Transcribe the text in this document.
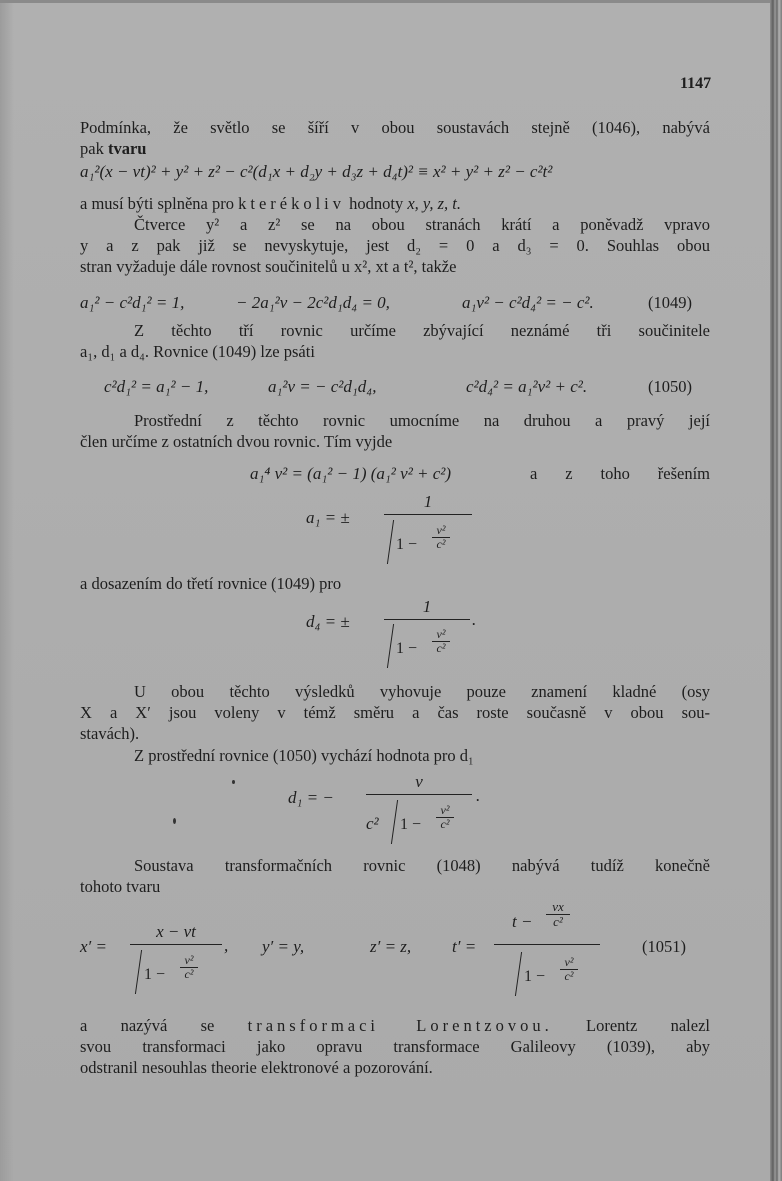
1147
Podmínka, že světlo se šíří v obou soustavách stejně (1046), nabývá
pak tvaru
a₁²(x − vt)² + y² + z² − c²(d₁x + d₂y + d₃z + d₄t)² ≡ x² + y² + z² − c²t²
a musí býti splněna pro kterékoliv hodnoty x, y, z, t.
Čtverce y² a z² se na obou stranách krátí a poněvadž vpravo
y a z pak již se nevyskytuje, jest d₂ = 0 a d₃ = 0. Souhlas obou
stran vyžaduje dále rovnost součinitelů u x², xt a t², takže
a₁² − c²d₁² = 1,	− 2a₁²v − 2c²d₁d₄ = 0,	a₁v² − c²d₄² = − c².	(1049)
Z těchto tří rovnic určíme zbývající neznámé tři součinitele
a₁, d₁ a d₄. Rovnice (1049) lze psáti
c²d₁² = a₁² − 1,	a₁²v = − c²d₁d₄,	c²d₄² = a₁²v² + c².	(1050)
Prostřední z těchto rovnic umocníme na druhou a pravý její
člen určíme z ostatních dvou rovnic. Tím vyjde
a₁⁴ v² = (a₁² − 1) (a₁² v² + c²)	a z toho řešením
a₁ = ±
1
$1 - \frac{\text{v²}}{\text{c²}}$
a dosazením do třetí rovnice (1049) pro
d₄ = ±
1
.
$1 - \frac{\text{v²}}{\text{c²}}$
U obou těchto výsledků vyhovuje pouze znamení kladné (osy
X a X′ jsou voleny v témž směru a čas roste současně v obou sou-
stavách).
Z prostřední rovnice (1050) vychází hodnota pro d₁
d₁ = −
v
.
c² $1 - \frac{\text{v²}}{\text{c²}}$
Soustava transformačních rovnic (1048) nabývá tudíž konečně
tohoto tvaru
x′ =
x − vt
,
$1 - \frac{\text{v²}}{\text{c²}}$
y′ = y,	z′ = z, t′ =
$t - \frac{vx}{\text{c²}}$
$1 - \frac{\text{v²}}{\text{c²}}$
(1051)
a nazývá se transformaci Lorentzovou. Lorentz nalezl
svou transformaci jako opravu transformace Galileovy (1039), aby
odstranil nesouhlas theorie elektronové a pozorování.
